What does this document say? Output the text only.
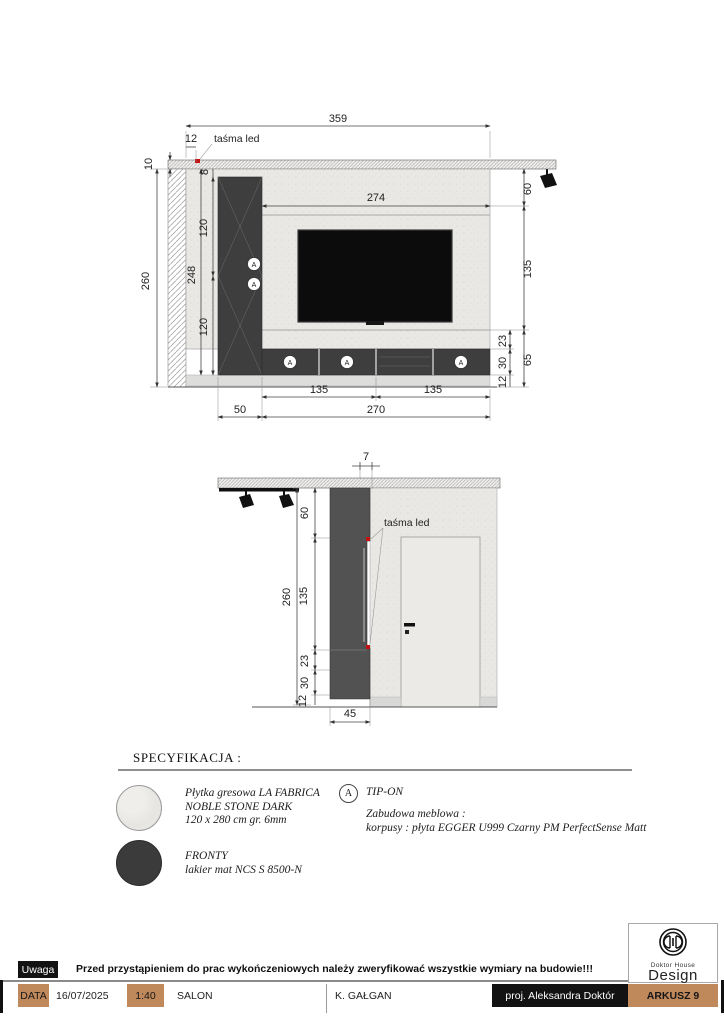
A
A
A	A	A
taśma led
359
12
274
10
260	248
8
120
120
60
135
65
23
30
12
135	135
50	270
taśma led
7
60
135
23
30
12
260
45
SPECYFIKACJA :
Płytka gresowa LA FABRICA
NOBLE STONE DARK
120 x 280 cm gr. 6mm
FRONTY
lakier mat NCS S 8500-N
A TIP-ON
Zabudowa meblowa :
korpusy : płyta EGGER U999 Czarny PM PerfectSense Matt
Uwaga	Przed przystąpieniem do prac wykończeniowych należy zweryfikować wszystkie wymiary na budowie!!!
DATA 16/07/2025	1:40	SALON	K. GAŁGAN	proj. Aleksandra Doktór	ARKUSZ 9
Doktor House
Design
